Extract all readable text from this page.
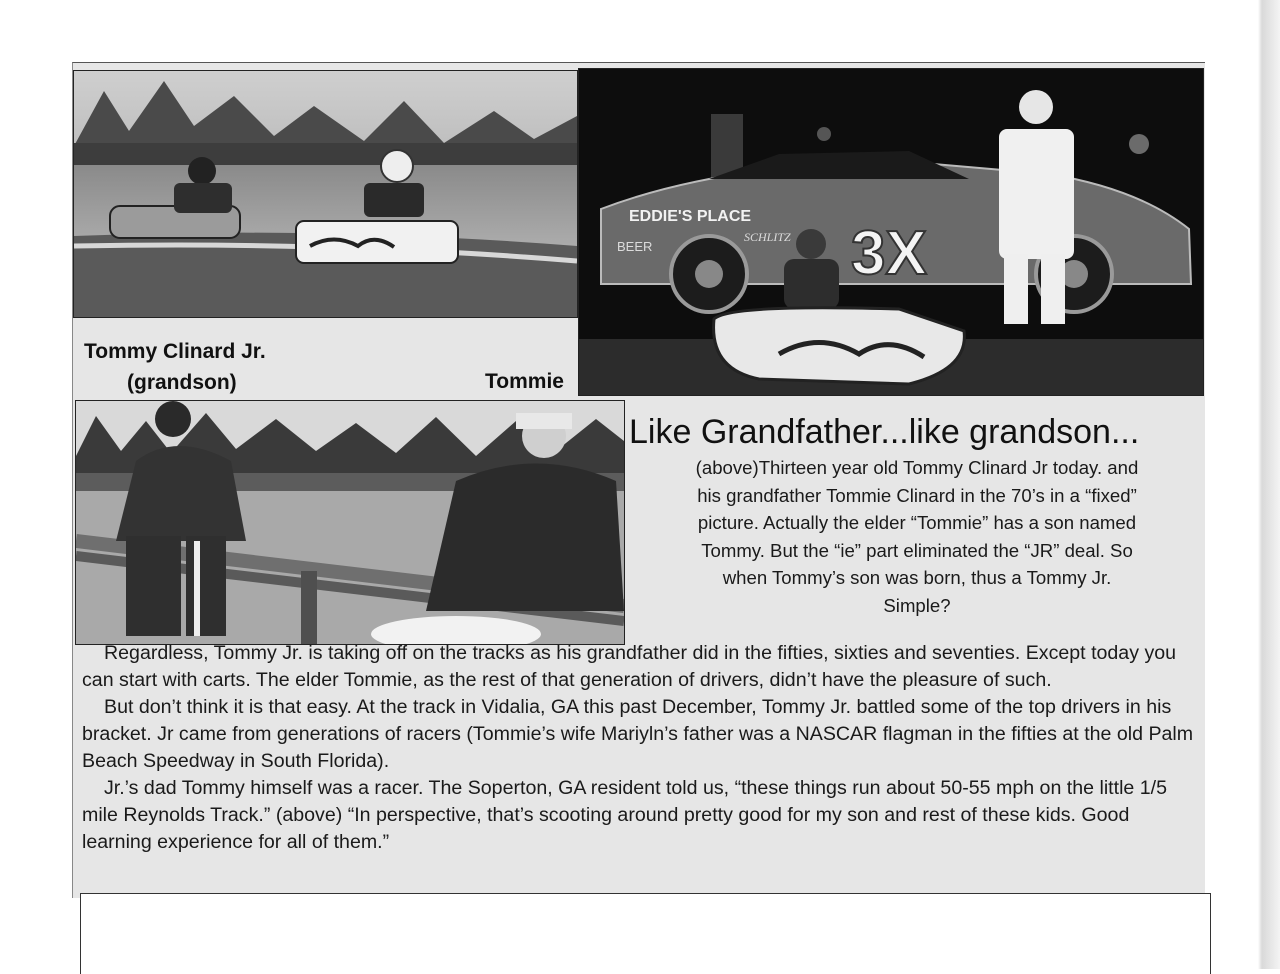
EDDIE'S PLACE
SCHLITZ
BEER	3X
Tommy Clinard Jr.
(grandson)	Tommie
Like Grandfather...like grandson...

(above)Thirteen year old Tommy Clinard Jr today. and

his grandfather Tommie Clinard in the 70’s in a “fixed”

picture. Actually the elder “Tommie” has a son named

Tommy. But the “ie” part eliminated the “JR” deal. So

when Tommy’s son was born, thus a Tommy Jr.

Simple?

Regardless, Tommy Jr. is taking off on the tracks as his grandfather did in the fifties, sixties and seventies. Except today you can start with carts. The elder Tommie, as the rest of that generation of drivers, didn’t have the pleasure of such.

But don’t think it is that easy. At the track in Vidalia, GA this past December, Tommy Jr. battled some of the top drivers in his bracket. Jr came from generations of racers (Tommie’s wife Mariyln’s father was a NASCAR flagman in the fifties at the old Palm Beach Speedway in South Florida).

Jr.’s dad Tommy himself was a racer. The Soperton, GA resident told us, “these things run about 50-55 mph on the little 1/5 mile Reynolds Track.” (above) “In perspective, that’s scooting around pretty good for my son and rest of these kids. Good learning experience for all of them.”
